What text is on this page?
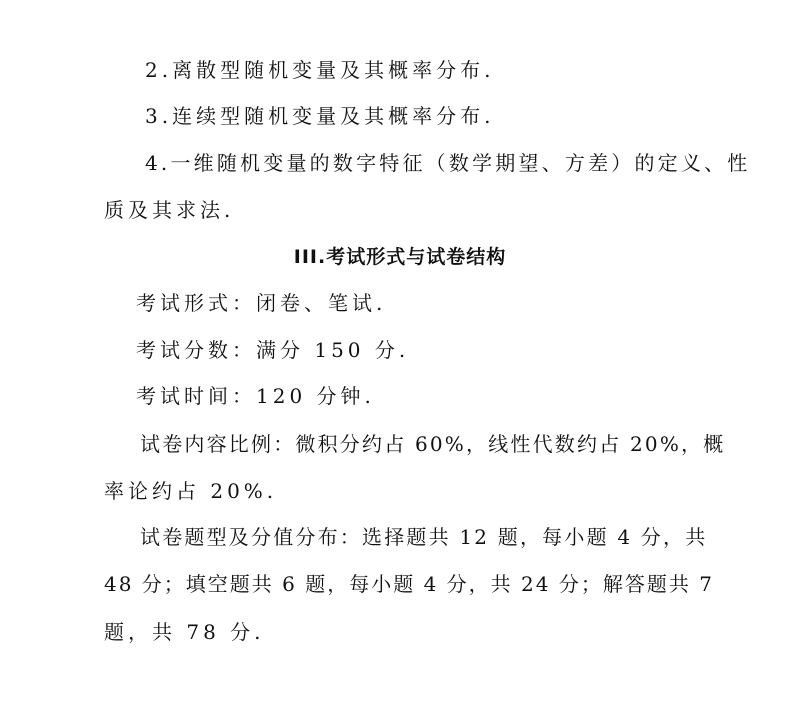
2.离散型随机变量及其概率分布.
3.连续型随机变量及其概率分布.
4.一维随机变量的数字特征（数学期望、方差）的定义、性
质及其求法.
III.考试形式与试卷结构
考试形式：闭卷、笔试.
考试分数：满分 150 分.
考试时间：120 分钟.
试卷内容比例：微积分约占 60%，线性代数约占 20%，概
率论约占 20%.
试卷题型及分值分布：选择题共 12 题，每小题 4 分，共
48 分；填空题共 6 题，每小题 4 分，共 24 分；解答题共 7
题，共 78 分.
